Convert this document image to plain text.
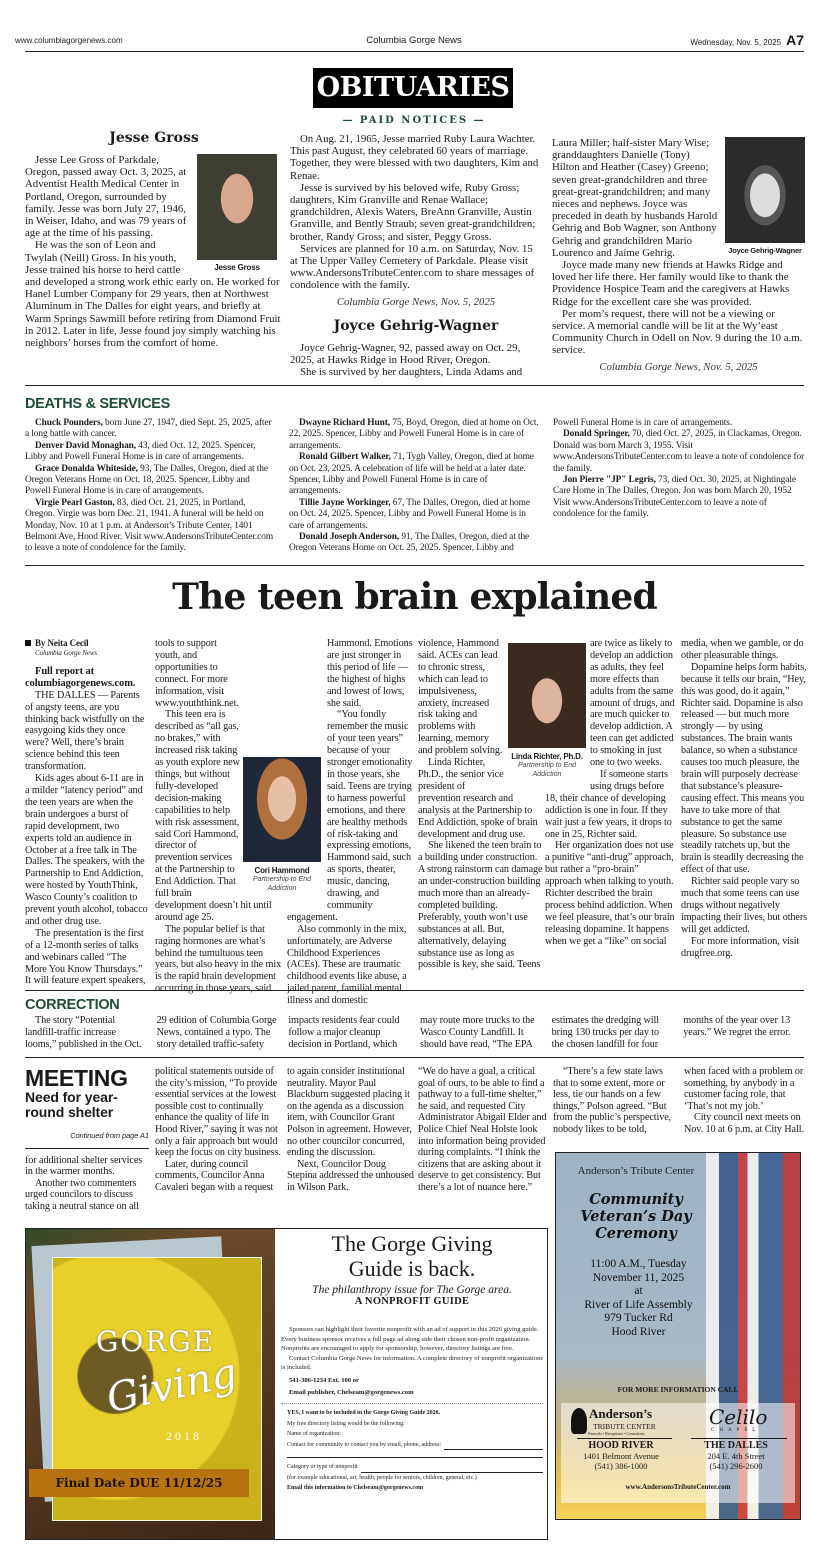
www.columbiagorgenews.com	Columbia Gorge News	Wednesday, Nov. 5, 2025 A7
OBITUARIES
— PAID NOTICES —
Jesse Gross
Jesse Gross

Jesse Lee Gross of Parkdale, Oregon, passed away Oct. 3, 2025, at Adventist Health Medical Center in Portland, Oregon, surrounded by family. Jesse was born July 27, 1946, in Weiser, Idaho, and was 79 years of age at the time of his passing.

He was the son of Leon and Twylah (Neill) Gross. In his youth, Jesse trained his horse to herd cattle and developed a strong work ethic early on. He worked for Hanel Lumber Company for 29 years, then at Northwest Aluminum in The Dalles for eight years, and briefly at Warm Springs Sawmill before retiring from Diamond Fruit in 2012. Later in life, Jesse found joy simply watching his neighbors’ horses from the comfort of home.

On Aug. 21, 1965, Jesse married Ruby Laura Wachter. This past August, they celebrated 60 years of marriage. Together, they were blessed with two daughters, Kim and Renae.

Jesse is survived by his beloved wife, Ruby Gross; daughters, Kim Granville and Renae Wallace; grandchildren, Alexis Waters, BreAnn Granville, Austin Granville, and Bently Straub; seven great-grandchildren; brother, Randy Gross; and sister, Peggy Gross.

Services are planned for 10 a.m. on Saturday, Nov. 15 at The Upper Valley Cemetery of Parkdale. Please visit www.AndersonsTributeCenter.com to share messages of condolence with the family.

Columbia Gorge News, Nov. 5, 2025

Joyce Gehrig-Wagner

Joyce Gehrig-Wagner, 92, passed away on Oct. 29, 2025, at Hawks Ridge in Hood River, Oregon.

She is survived by her daughters, Linda Adams and

Joyce Gehrig-Wagner

Laura Miller; half-sister Mary Wise; granddaughters Danielle (Tony) Hilton and Heather (Casey) Greeno; seven great-grandchildren and three great-great-grandchildren; and many nieces and nephews. Joyce was preceded in death by husbands Harold Gehrig and Bob Wagner, son Anthony Gehrig and grandchildren Mario Lourenco and Jaime Gehrig.

Joyce made many new friends at Hawks Ridge and loved her life there. Her family would like to thank the Providence Hospice Team and the caregivers at Hawks Ridge for the excellent care she was provided.

Per mom’s request, there will not be a viewing or service. A memorial candle will be lit at the Wy’east Community Church in Odell on Nov. 9 during the 10 a.m. service.

Columbia Gorge News, Nov. 5, 2025

DEATHS & SERVICES

Chuck Pounders, born June 27, 1947, died Sept. 25, 2025, after a long battle with cancer.

Denver David Monaghan, 43, died Oct. 12, 2025. Spencer, Libby and Powell Funeral Home is in care of arrangements.

Grace Donalda Whiteside, 93, The Dalles, Oregon, died at the Oregon Veterans Home on Oct. 18, 2025. Spencer, Libby and Powell Funeral Home is in care of arrangements.

Virgie Pearl Gaston, 83, died Oct. 21, 2025, in Portland, Oregon. Virgie was born Dec. 21, 1941. A funeral will be held on Monday, Nov. 10 at 1 p.m. at Anderson’s Tribute Center, 1401 Belmont Ave, Hood River. Visit www.AndersonsTributeCenter.com to leave a note of condolence for the family.

Dwayne Richard Hunt, 75, Boyd, Oregon, died at home on Oct. 22, 2025. Spencer, Libby and Powell Funeral Home is in care of arrangements.

Ronald Gilbert Walker, 71, Tygh Valley, Oregon, died at home on Oct. 23, 2025. A celebration of life will be held at a later date. Spencer, Libby and Powell Funeral Home is in care of arrangements.

Tillie Jayne Workinger, 67, The Dalles, Oregon, died at home on Oct. 24, 2025. Spencer, Libby and Powell Funeral Home is in care of arrangements.

Donald Joseph Anderson, 91, The Dalles, Oregon, died at the Oregon Veterans Home on Oct. 25, 2025. Spencer, Libby and Powell Funeral Home is in care of arrangements.

Donald Springer, 70, died Oct. 27, 2025, in Clackamas, Oregon. Donald was born March 3, 1955. Visit www.AndersonsTributeCenter.com to leave a note of condolence for the family.

Jon Pierre "JP" Legris, 73, died Oct. 30, 2025, at Nightingale Care Home in The Dalles, Oregon. Jon was born March 20, 1952 Visit www.AndersonsTributeCenter.com to leave a note of condolence for the family.

The teen brain explained
By Neita Cecil
Columbia Gorge News

Full report at columbiagorgenews.com.

THE DALLES — Parents of angsty teens, are you thinking back wistfully on the easygoing kids they once were? Well, there’s brain science behind this teen transformation.

Kids ages about 6-11 are in a milder “latency period” and the teen years are when the brain undergoes a burst of rapid development, two experts told an audience in October at a free talk in The Dalles. The speakers, with the Partnership to End Addiction, were hosted by YouthThink, Wasco County’s coalition to prevent youth alcohol, tobacco and other drug use.

The presentation is the first of a 12-month series of talks and webinars called “The More You Know Thursdays.” It will feature expert speakers,

tools to support youth, and opportunities to connect. For more information, visit www.youththink.net.

This teen era is described as “all gas, no brakes,” with increased risk taking as youth explore new things, but without fully-developed decision-making capabilities to help with risk assessment, said Cori Hammond, director of prevention services at the Partnership to End Addiction. That full brain development doesn’t hit until around age 25.

The popular belief is that raging hormones are what’s behind the tumultuous teen years, but also heavy in the mix is the rapid brain development occurring in those years, said

Cori Hammond
Partnership to End Addiction

Hammond. Emotions are just stronger in this period of life — the highest of highs and lowest of lows, she said.

“You fondly remember the music of your teen years” because of your stronger emotionality in those years, she said. Teens are trying to harness powerful emotions, and there are healthy methods of risk-taking and expressing emotions, Hammond said, such as sports, theater, music, dancing, drawing, and community engagement.

Also commonly in the mix, unfortunately, are Adverse Childhood Experiences (ACEs). These are traumatic childhood events like abuse, a jailed parent, familial mental illness and domestic

violence, Hammond said. ACEs can lead to chronic stress, which can lead to impulsiveness, anxiety, increased risk taking and problems with learning, memory and problem solving.

Linda Richter, Ph.D., the senior vice president of prevention research and analysis at the Partnership to End Addiction, spoke of brain development and drug use.

She likened the teen brain to a building under construction. A strong rainstorm can damage an under-construction building much more than an already-completed building. Preferably, youth won’t use substances at all. But, alternatively, delaying substance use as long as possible is key, she said. Teens

Linda Richter, Ph.D.
Partnership to End Addiction

are twice as likely to develop an addiction as adults, they feel more effects than adults from the same amount of drugs, and are much quicker to develop addiction. A teen can get addicted to smoking in just one to two weeks.

If someone starts using drugs before 18, their chance of developing addiction is one in four. If they wait just a few years, it drops to one in 25, Richter said.

Her organization does not use a punitive “anti-drug” approach, but rather a “pro-brain” approach when talking to youth. Richter described the brain process behind addiction. When we feel pleasure, that’s our brain releasing dopamine. It happens when we get a “like” on social

media, when we gamble, or do other pleasurable things.

Dopamine helps form habits, because it tells our brain, “Hey, this was good, do it again,” Richter said. Dopamine is also released — but much more strongly — by using substances. The brain wants balance, so when a substance causes too much pleasure, the brain will purposely decrease that substance’s pleasure-causing effect. This means you have to take more of that substance to get the same pleasure. So substance use steadily ratchets up, but the brain is steadily decreasing the effect of that use.

Richter said people vary so much that some teens can use drugs without negatively impacting their lives, but others will get addicted.

For more information, visit drugfree.org.

CORRECTION
The story “Potential landfill-traffic increase looms,” published in the Oct. 29 edition of Columbia Gorge News, contained a typo. The story detailed traffic-safety impacts residents fear could follow a major cleanup decision in Portland, which may route more trucks to the Wasco County Landfill. It should have read, “The EPA estimates the dredging will bring 130 trucks per day to the chosen landfill for four months of the year over 13 years.” We regret the error.
MEETING
Need for year-round shelter
Continued from page A1

for additional shelter services in the warmer months.

Another two commenters urged councilors to discuss taking a neutral stance on all

political statements outside of the city’s mission, “To provide essential services at the lowest possible cost to continually enhance the quality of life in Hood River,” saying it was not only a fair approach but would keep the focus on city business.

Later, during council comments, Councilor Anna Cavaleri began with a request

to again consider institutional neutrality. Mayor Paul Blackburn suggested placing it on the agenda as a discussion item, with Councilor Grant Polson in agreement. However, no other councilor concurred, ending the discussion.

Next, Councilor Doug Stepina addressed the unhoused in Wilson Park.

“We do have a goal, a critical goal of ours, to be able to find a pathway to a full-time shelter,” he said, and requested City Administrator Abigail Elder and Police Chief Neal Holste look into information being provided during complaints. “I think the citizens that are asking about it deserve to get consistency. But there’s a lot of nuance here.”

“There’s a few state laws that to some extent, more or less, tie our hands on a few things,” Polson agreed. “But from the public’s perspective, nobody likes to be told,

when faced with a problem or something, by anybody in a customer facing role, that ‘That’s not my job.’

City council next meets on Nov. 10 at 6 p.m. at City Hall.

GORGE
Giving
2018
Final Date DUE 11/12/25
The Gorge Giving
Guide is back.
The philanthropy issue for The Gorge area.
A NONPROFIT GUIDE

Sponsors can highlight their favorite nonprofit with an ad of support in this 2026 giving guide. Every business sponsor receives a full page ad along side their chosen non-profit organization. Nonprofits are encouraged to apply for sponsorship, however, directory listings are free.

Contact Columbia Gorge News for information. A complete directory of nonprofit organizations is included.

541-386-1234 Ext. 100 or

Email publisher, Chelseam@gorgenews.com

YES, I want to be included in the Gorge Giving Guide 2026.

My free directory listing would be the following:

Name of organization:

Contact for community to contact you by email, phone, address:

Category or type of nonprofit

(for example educational, art, health, people for seniors, children, general, etc.)

Email this information to Chelseam@gorgenews.com

Anderson’s Tribute Center
Community
Veteran’s Day
Ceremony
11:00 A.M., Tuesday
November 11, 2025
at
River of Life Assembly
979 Tucker Rd
Hood River
FOR MORE INFORMATION CALL
Anderson’s
TRIBUTE CENTER
Funerals • Receptions • Cremations
Celilo
CHAPEL
HOOD RIVER
1401 Belmont Avenue
(541) 386-1000
THE DALLES
204 E. 4th Street
(541) 296-2600
www.AndersonsTributeCenter.com
